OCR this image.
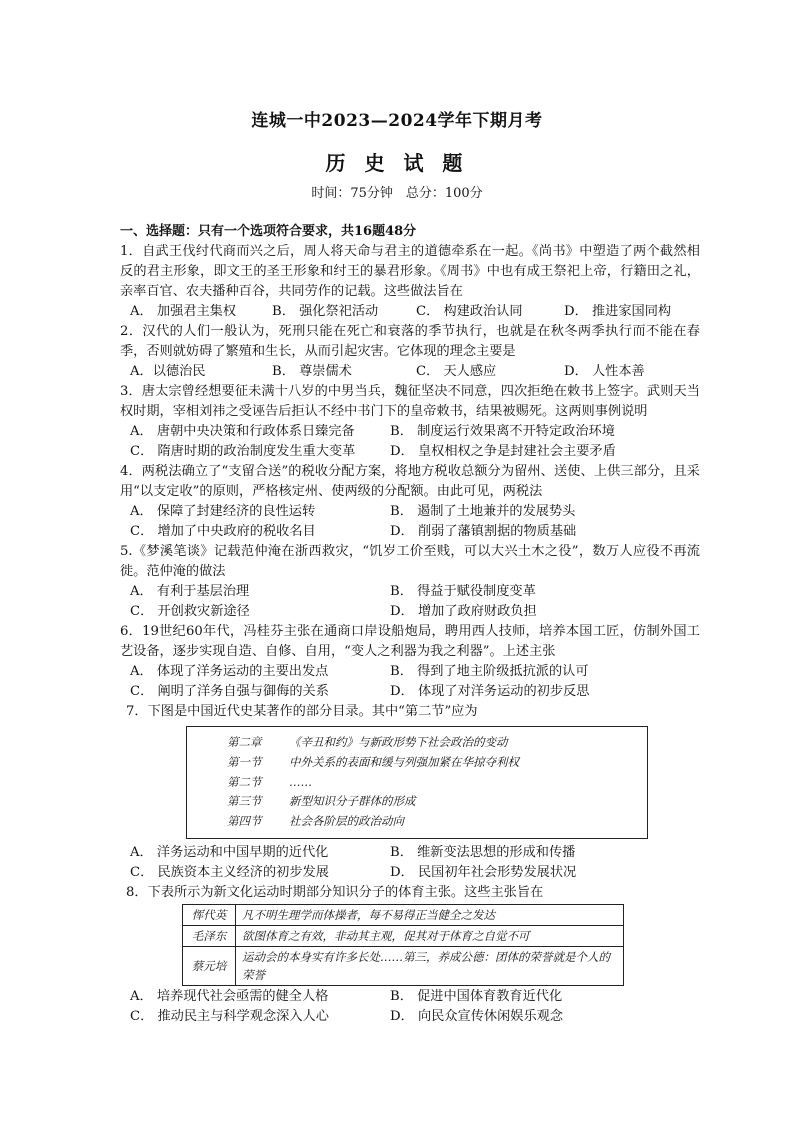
连城一中2023—2024学年下期月考
历 史 试 题
时间：75分钟　总分：100分
一、选择题：只有一个选项符合要求，共16题48分

1．自武王伐纣代商而兴之后，周人将天命与君主的道德牵系在一起。《尚书》中塑造了两个截然相反的君主形象，即文王的圣王形象和纣王的暴君形象。《周书》中也有成王祭祀上帝，行籍田之礼，亲率百官、农夫播种百谷，共同劳作的记载。这些做法旨在

A． 加强君主集权	B． 强化祭祀活动	C． 构建政治认同	D． 推进家国同构

2．汉代的人们一般认为，死刑只能在死亡和衰落的季节执行，也就是在秋冬两季执行而不能在春季，否则就妨碍了繁殖和生长，从而引起灾害。它体现的理念主要是

A．以德治民	B． 尊崇儒术	C． 天人感应	D． 人性本善

3．唐太宗曾经想要征未满十八岁的中男当兵，魏征坚决不同意，四次拒绝在敕书上签字。武则天当权时期，宰相刘祎之受诬告后拒认不经中书门下的皇帝敕书，结果被赐死。这两则事例说明

A． 唐朝中央决策和行政体系日臻完备	B． 制度运行效果离不开特定政治环境
C． 隋唐时期的政治制度发生重大变革	D． 皇权相权之争是封建社会主要矛盾

4．两税法确立了“支留合送”的税收分配方案，将地方税收总额分为留州、送使、上供三部分，且采用“以支定收”的原则，严格核定州、使两级的分配额。由此可见，两税法

A． 保障了封建经济的良性运转	B． 遏制了土地兼并的发展势头
C． 增加了中央政府的税收名目	D． 削弱了藩镇割据的物质基础

5.《梦溪笔谈》记载范仲淹在浙西救灾，“饥岁工价至贱，可以大兴土木之役”，数万人应役不再流徙。范仲淹的做法

A． 有利于基层治理	B． 得益于赋役制度变革
C． 开创救灾新途径	D． 增加了政府财政负担

6．19世纪60年代，冯桂芬主张在通商口岸设船炮局，聘用西人技师，培养本国工匠，仿制外国工艺设备，逐步实现自造、自修、自用，“变人之利器为我之利器”。上述主张

A． 体现了洋务运动的主要出发点	B． 得到了地主阶级抵抗派的认可
C． 阐明了洋务自强与御侮的关系	D． 体现了对洋务运动的初步反思

7．下图是中国近代史某著作的部分目录。其中“第二节”应为

第二章	《辛丑和约》与新政形势下社会政治的变动
第一节	中外关系的表面和缓与列强加紧在华掠夺利权
第二节	……
第三节	新型知识分子群体的形成
第四节	社会各阶层的政治动向
A． 洋务运动和中国早期的近代化	B． 维新变法思想的形成和传播
C． 民族资本主义经济的初步发展	D． 民国初年社会形势发展状况

8．下表所示为新文化运动时期部分知识分子的体育主张。这些主张旨在

恽代英	凡不明生理学而体操者，每不易得正当健全之发达
毛泽东	欲图体育之有效，非动其主观，促其对于体育之自觉不可
蔡元培	运动会的本身实有许多长处……第三，养成公德：团体的荣誉就是个人的荣誉
A． 培养现代社会亟需的健全人格	B． 促进中国体育教育近代化
C． 推动民主与科学观念深入人心	D． 向民众宣传休闲娱乐观念
